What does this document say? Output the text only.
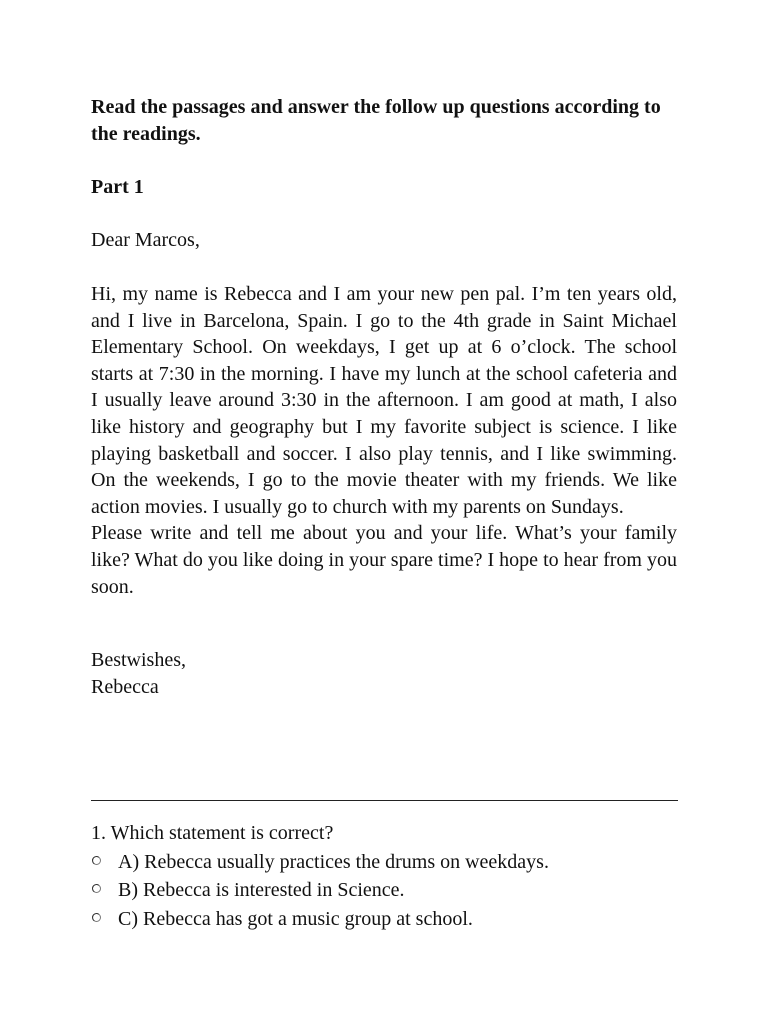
Read the passages and answer the follow up questions according to the readings.

Part 1

Dear Marcos,

Hi, my name is Rebecca and I am your new pen pal. I’m ten years old, and I live in Barcelona, Spain. I go to the 4th grade in Saint Michael Elementary School. On weekdays, I get up at 6 o’clock. The school starts at 7:30 in the morning. I have my lunch at the school cafeteria and I usually leave around 3:30 in the afternoon. I am good at math, I also like history and geography but I my favorite subject is science. I like playing basketball and soccer. I also play tennis, and I like swimming. On the weekends, I go to the movie theater with my friends. We like action movies. I usually go to church with my parents on Sundays.

Please write and tell me about you and your life. What’s your family like? What do you like doing in your spare time? I hope to hear from you soon.

Bestwishes,
Rebecca

1. Which statement is correct?

A) Rebecca usually practices the drums on weekdays.
B) Rebecca is interested in Science.
C) Rebecca has got a music group at school.
